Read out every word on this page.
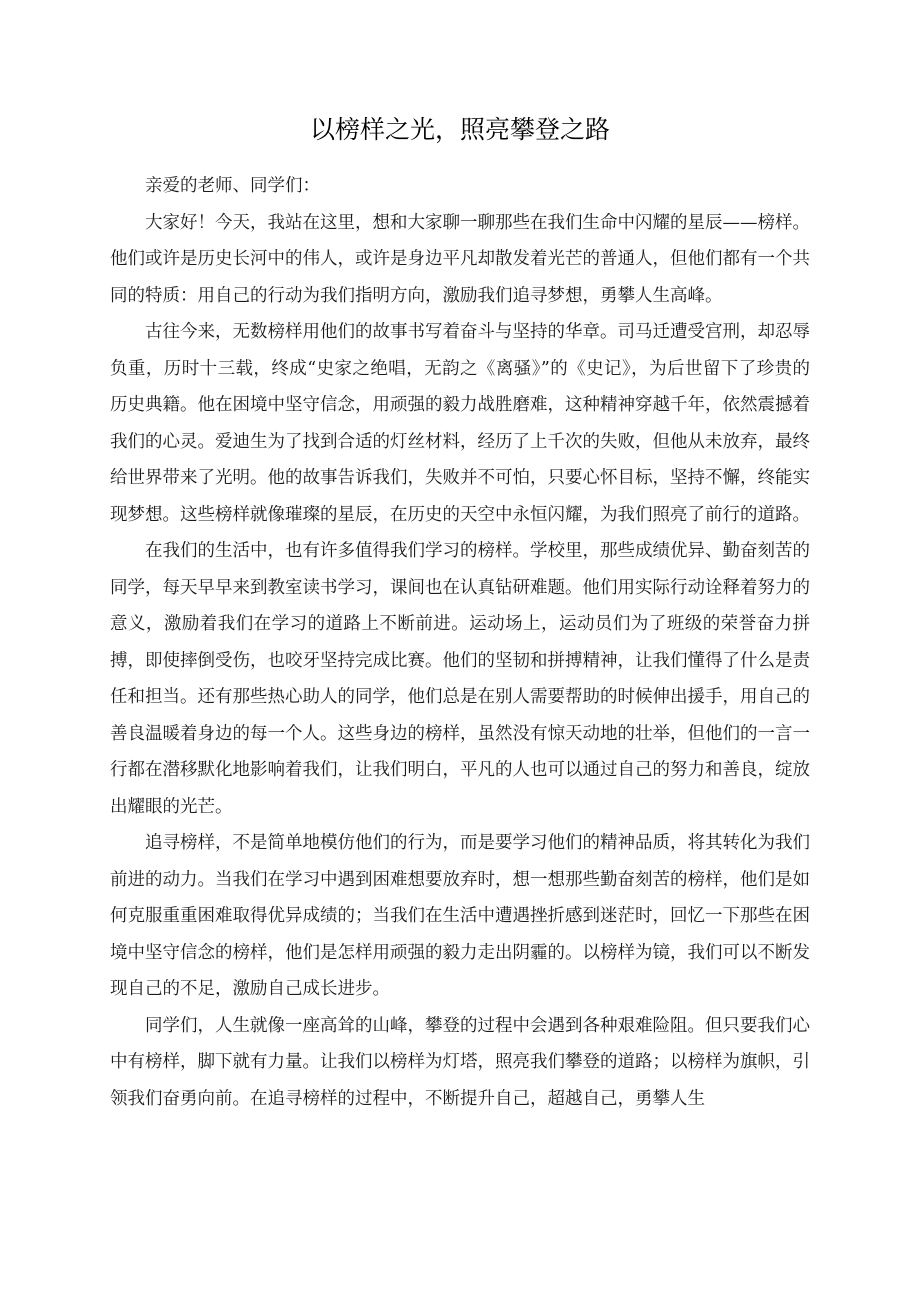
以榜样之光，照亮攀登之路

亲爱的老师、同学们：

大家好！今天，我站在这里，想和大家聊一聊那些在我们生命中闪耀的星辰——榜样。他们或许是历史长河中的伟人，或许是身边平凡却散发着光芒的普通人，但他们都有一个共同的特质：用自己的行动为我们指明方向，激励我们追寻梦想，勇攀人生高峰。

古往今来，无数榜样用他们的故事书写着奋斗与坚持的华章。司马迁遭受宫刑，却忍辱负重，历时十三载，终成“史家之绝唱，无韵之《离骚》”的《史记》，为后世留下了珍贵的历史典籍。他在困境中坚守信念，用顽强的毅力战胜磨难，这种精神穿越千年，依然震撼着我们的心灵。爱迪生为了找到合适的灯丝材料，经历了上千次的失败，但他从未放弃，最终给世界带来了光明。他的故事告诉我们，失败并不可怕，只要心怀目标，坚持不懈，终能实现梦想。这些榜样就像璀璨的星辰，在历史的天空中永恒闪耀，为我们照亮了前行的道路。

在我们的生活中，也有许多值得我们学习的榜样。学校里，那些成绩优异、勤奋刻苦的同学，每天早早来到教室读书学习，课间也在认真钻研难题。他们用实际行动诠释着努力的意义，激励着我们在学习的道路上不断前进。运动场上，运动员们为了班级的荣誉奋力拼搏，即使摔倒受伤，也咬牙坚持完成比赛。他们的坚韧和拼搏精神，让我们懂得了什么是责任和担当。还有那些热心助人的同学，他们总是在别人需要帮助的时候伸出援手，用自己的善良温暖着身边的每一个人。这些身边的榜样，虽然没有惊天动地的壮举，但他们的一言一行都在潜移默化地影响着我们，让我们明白，平凡的人也可以通过自己的努力和善良，绽放出耀眼的光芒。

追寻榜样，不是简单地模仿他们的行为，而是要学习他们的精神品质，将其转化为我们前进的动力。当我们在学习中遇到困难想要放弃时，想一想那些勤奋刻苦的榜样，他们是如何克服重重困难取得优异成绩的；当我们在生活中遭遇挫折感到迷茫时，回忆一下那些在困境中坚守信念的榜样，他们是怎样用顽强的毅力走出阴霾的。以榜样为镜，我们可以不断发现自己的不足，激励自己成长进步。

同学们，人生就像一座高耸的山峰，攀登的过程中会遇到各种艰难险阻。但只要我们心中有榜样，脚下就有力量。让我们以榜样为灯塔，照亮我们攀登的道路；以榜样为旗帜，引领我们奋勇向前。在追寻榜样的过程中，不断提升自己，超越自己，勇攀人生
